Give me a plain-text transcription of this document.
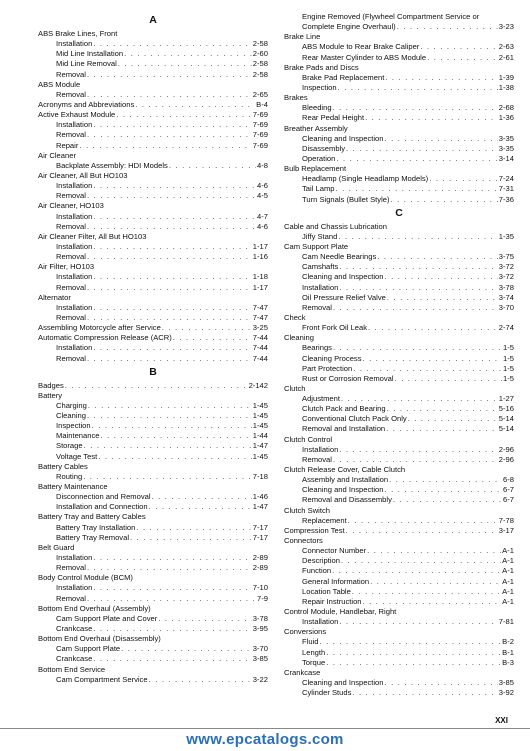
A
ABS Brake Lines, Front
Installation . . .	2-58
Mid Line Installation . . .	2-60
Mid Line Removal . . .	2-58
Removal . . .	2-58
ABS Module
Removal . . .	2-65
Acronyms and Abbreviations . . .	B-4
Active Exhaust Module . . .	7-69
Installation . . .	7-69
Removal . . .	7-69
Repair . . .	7-69
Air Cleaner
Backplate Assembly: HDI Models . . .	4-8
Air Cleaner, All But HO103
Installation . . .	4-6
Removal . . .	4-5
Air Cleaner, HO103
Installation . . .	4-7
Removal . . .	4-6
Air Cleaner Filter, All But HO103
Installation . . .	1-17
Removal . . .	1-16
Air Filter, HO103
Installation . . .	1-18
Removal . . .	1-17
Alternator
Installation . . .	7-47
Removal . . .	7-47
Assembling Motorcycle after Service . . .	3-25
Automatic Compression Release (ACR) . . .	7-44
Installation . . .	7-44
Removal . . .	7-44
B
Badges . . .	2-142
Battery
Charging . . .	1-45
Cleaning . . .	1-45
Inspection . . .	1-45
Maintenance . . .	1-44
Storage . . .	1-47
Voltage Test . . .	1-45
Battery Cables
Routing . . .	7-18
Battery Maintenance
Disconnection and Removal . . .	1-46
Installation and Connection . . .	1-47
Battery Tray and Battery Cables
Battery Tray Installation . . .	7-17
Battery Tray Removal . . .	7-17
Belt Guard
Installation . . .	2-89
Removal . . .	2-89
Body Control Module (BCM)
Installation . . .	7-10
Removal . . .	7-9
Bottom End Overhaul (Assembly)
Cam Support Plate and Cover . . .	3-78
Crankcase . . .	3-95
Bottom End Overhaul (Disassembly)
Cam Support Plate . . .	3-70
Crankcase . . .	3-85
Bottom End Service
Cam Compartment Service . . .	3-22
Engine Removed (Flywheel Compartment Service or
Complete Engine Overhaul) . . .	3-23
Brake Line
ABS Module to Rear Brake Caliper . . .	2-63
Rear Master Cylinder to ABS Module . . .	2-61
Brake Pads and Discs
Brake Pad Replacement . . .	1-39
Inspection . . .	1-38
Brakes
Bleeding . . .	2-68
Rear Pedal Height . . .	1-36
Breather Assembly
Cleaning and Inspection . . .	3-35
Disassembly . . .	3-35
Operation . . .	3-14
Bulb Replacement
Headlamp (Single Headlamp Models) . . .	7-24
Tail Lamp . . .	7-31
Turn Signals (Bullet Style) . . .	7-36
C
Cable and Chassis Lubrication
Jiffy Stand . . .	1-35
Cam Support Plate
Cam Needle Bearings . . .	3-75
Camshafts . . .	3-72
Cleaning and Inspection . . .	3-72
Installation . . .	3-78
Oil Pressure Relief Valve . . .	3-74
Removal . . .	3-70
Check
Front Fork Oil Leak . . .	2-74
Cleaning
Bearings . . .	1-5
Cleaning Process . . .	1-5
Part Protection . . .	1-5
Rust or Corrosion Removal . . .	1-5
Clutch
Adjustment . . .	1-27
Clutch Pack and Bearing . . .	5-16
Conventional Clutch Pack Only . . .	5-14
Removal and Installation . . .	5-14
Clutch Control
Installation . . .	2-96
Removal . . .	2-96
Clutch Release Cover, Cable Clutch
Assembly and Installation . . .	6-8
Cleaning and Inspection . . .	6-7
Removal and Disassembly . . .	6-7
Clutch Switch
Replacement . . .	7-78
Compression Test . . .	3-17
Connectors
Connector Number . . .	A-1
Description . . .	A-1
Function . . .	A-1
General Information . . .	A-1
Location Table . . .	A-1
Repair Instruction . . .	A-1
Control Module, Handlebar, Right
Installation . . .	7-81
Conversions
Fluid . . .	B-2
Length . . .	B-1
Torque . . .	B-3
Crankcase
Cleaning and Inspection . . .	3-85
Cylinder Studs . . .	3-92
XXI
www.epcatalogs.com
